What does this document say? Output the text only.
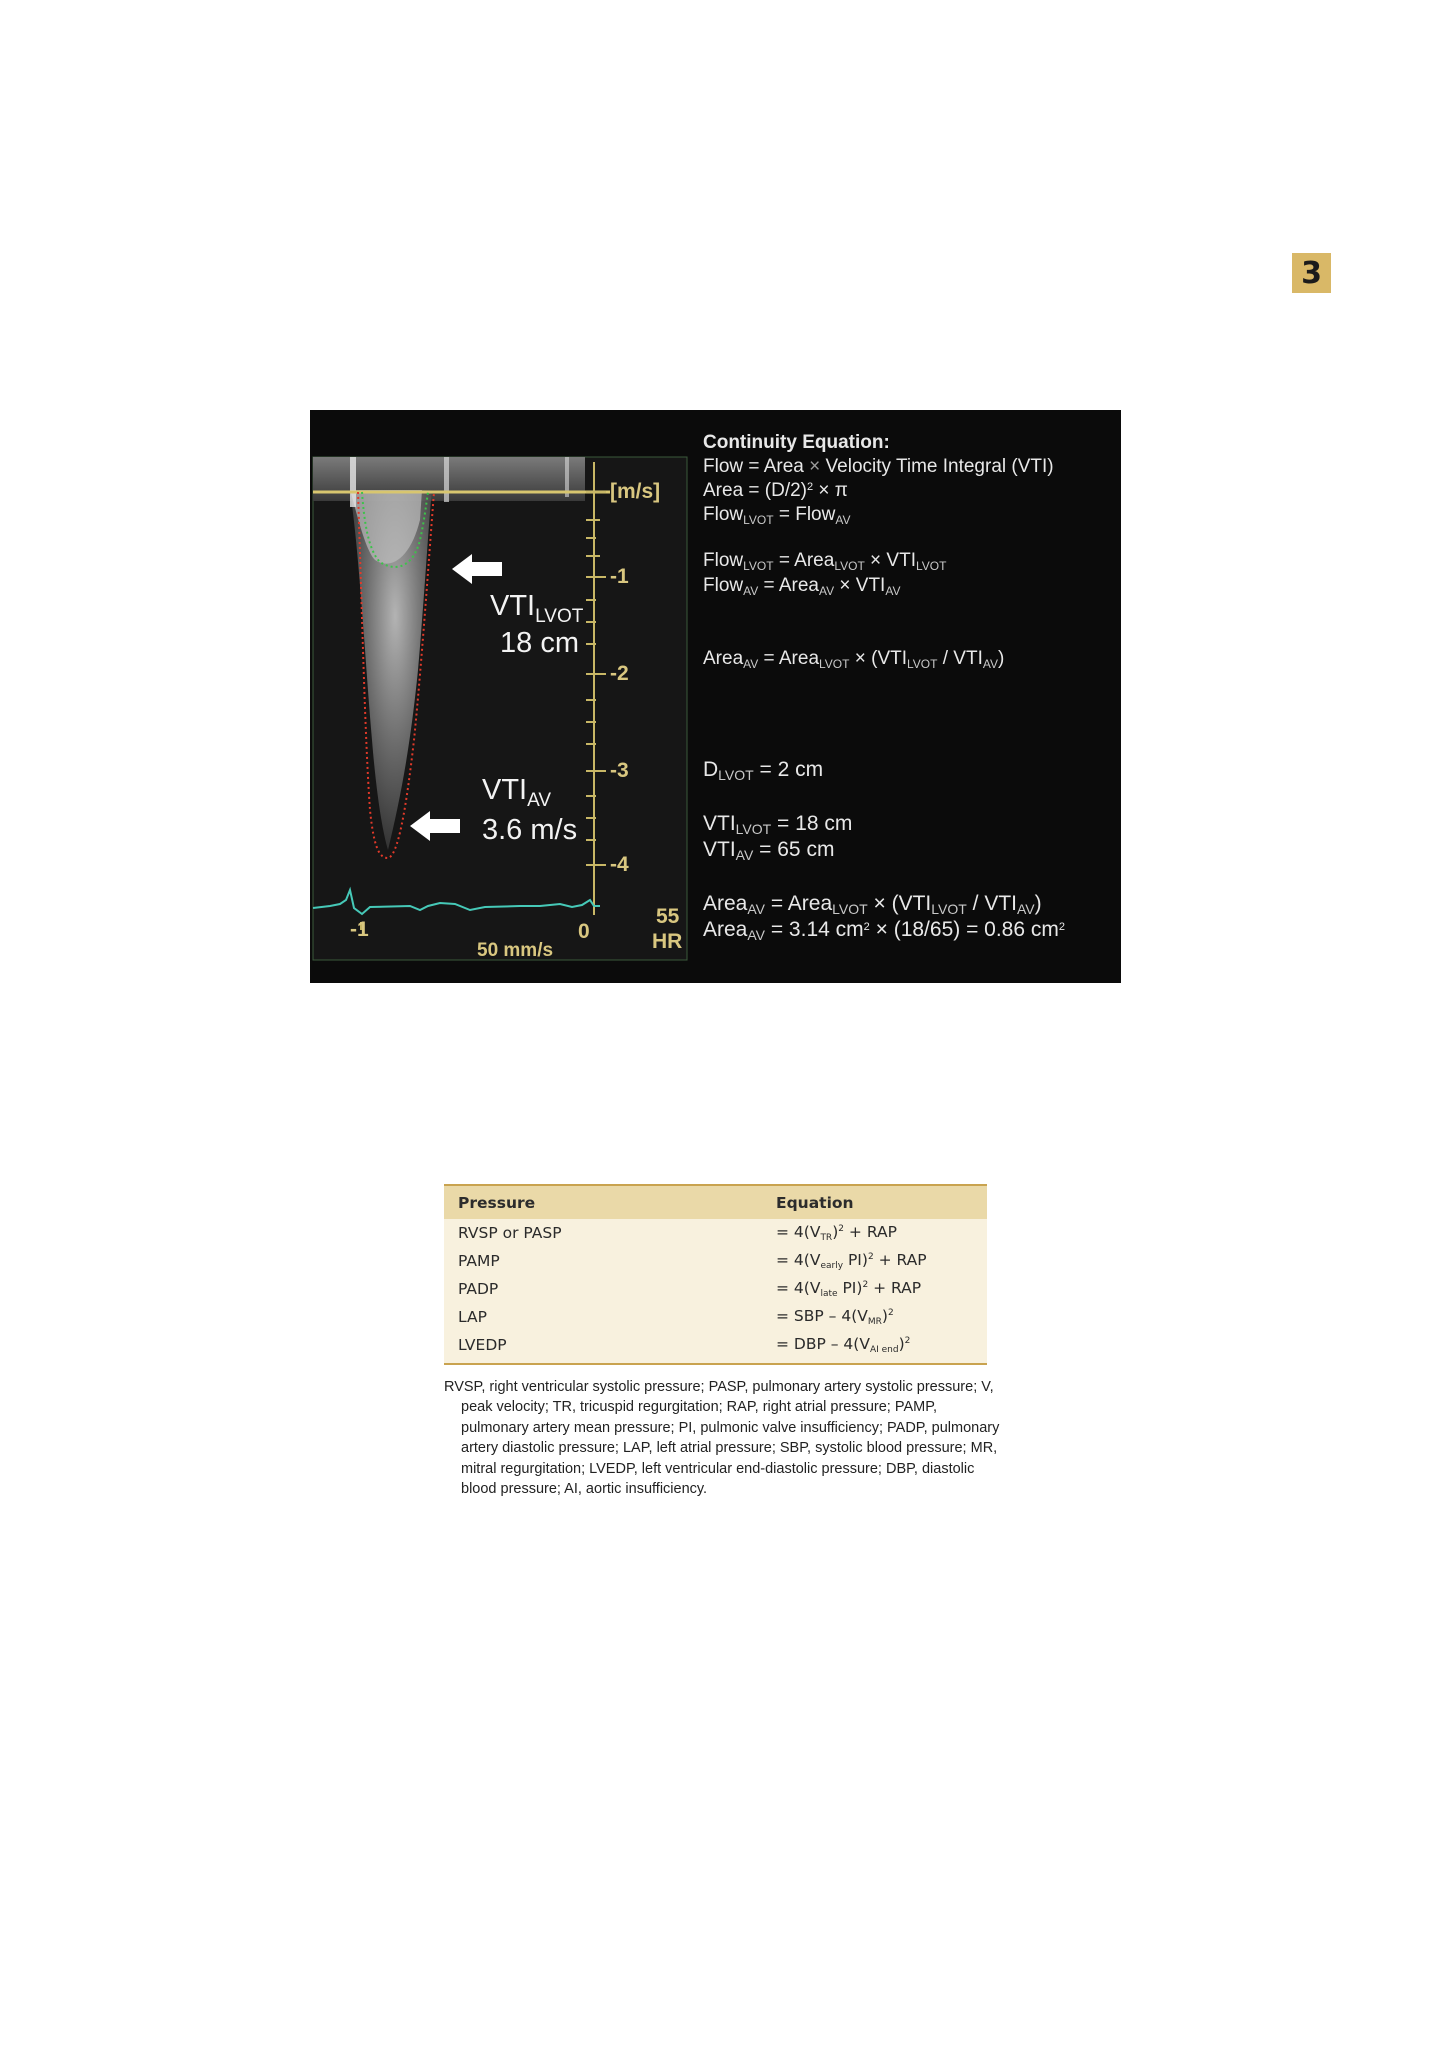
3
[m/s]
-1
-2
-3
-4
-1	0
50 mm/s
55
HR
$VTI_{LVOT}$
18 cm
$VTI_{AV}$
3.6 m/s
Continuity Equation:
Flow = Area × Velocity Time Integral (VTI)
Area = $(D/2)^2 \times \pi$
Flow$_{LVOT}$ = Flow$_{AV}$
Flow$_{LVOT}$ = Area$_{LVOT}$ × $VTI_{LVOT}$
Flow$_{AV}$ = Area$_{AV}$ × $VTI_{AV}$
Area$_{AV}$ = Area$_{LVOT}$ × $(VTI_{LVOT} / VTI_{AV})$
$D_{LVOT} = 2$ cm
$VTI_{LVOT} = 18$ cm
$VTI_{AV} = 65$ cm
Area$_{AV}$ = Area$_{LVOT}$ × $(VTI_{LVOT} / VTI_{AV})$
Area$_{AV}$ = 3.14 $cm^2 \times (18/65) = 0.86$ $cm^2$
Pressure	Equation
RVSP or PASP	= $4(V_{TR})^2$ + RAP
PAMP	= $4(V_{early}$ PI)$^2$ + RAP
PADP	= $4(V_{late}$ PI)$^2$ + RAP
LAP	= SBP – $4(V_{MR})^2$
LVEDP	= DBP – $4(V_{AI end})^2$
RVSP, right ventricular systolic pressure; PASP, pulmonary artery systolic pressure; V, peak velocity; TR, tricuspid regurgitation; RAP, right atrial pressure; PAMP, pulmonary artery mean pressure; PI, pulmonic valve insufficiency; PADP, pulmonary artery diastolic pressure; LAP, left atrial pressure; SBP, systolic blood pressure; MR, mitral regurgitation; LVEDP, left ventricular end-diastolic pressure; DBP, diastolic blood pressure; AI, aortic insufficiency.
